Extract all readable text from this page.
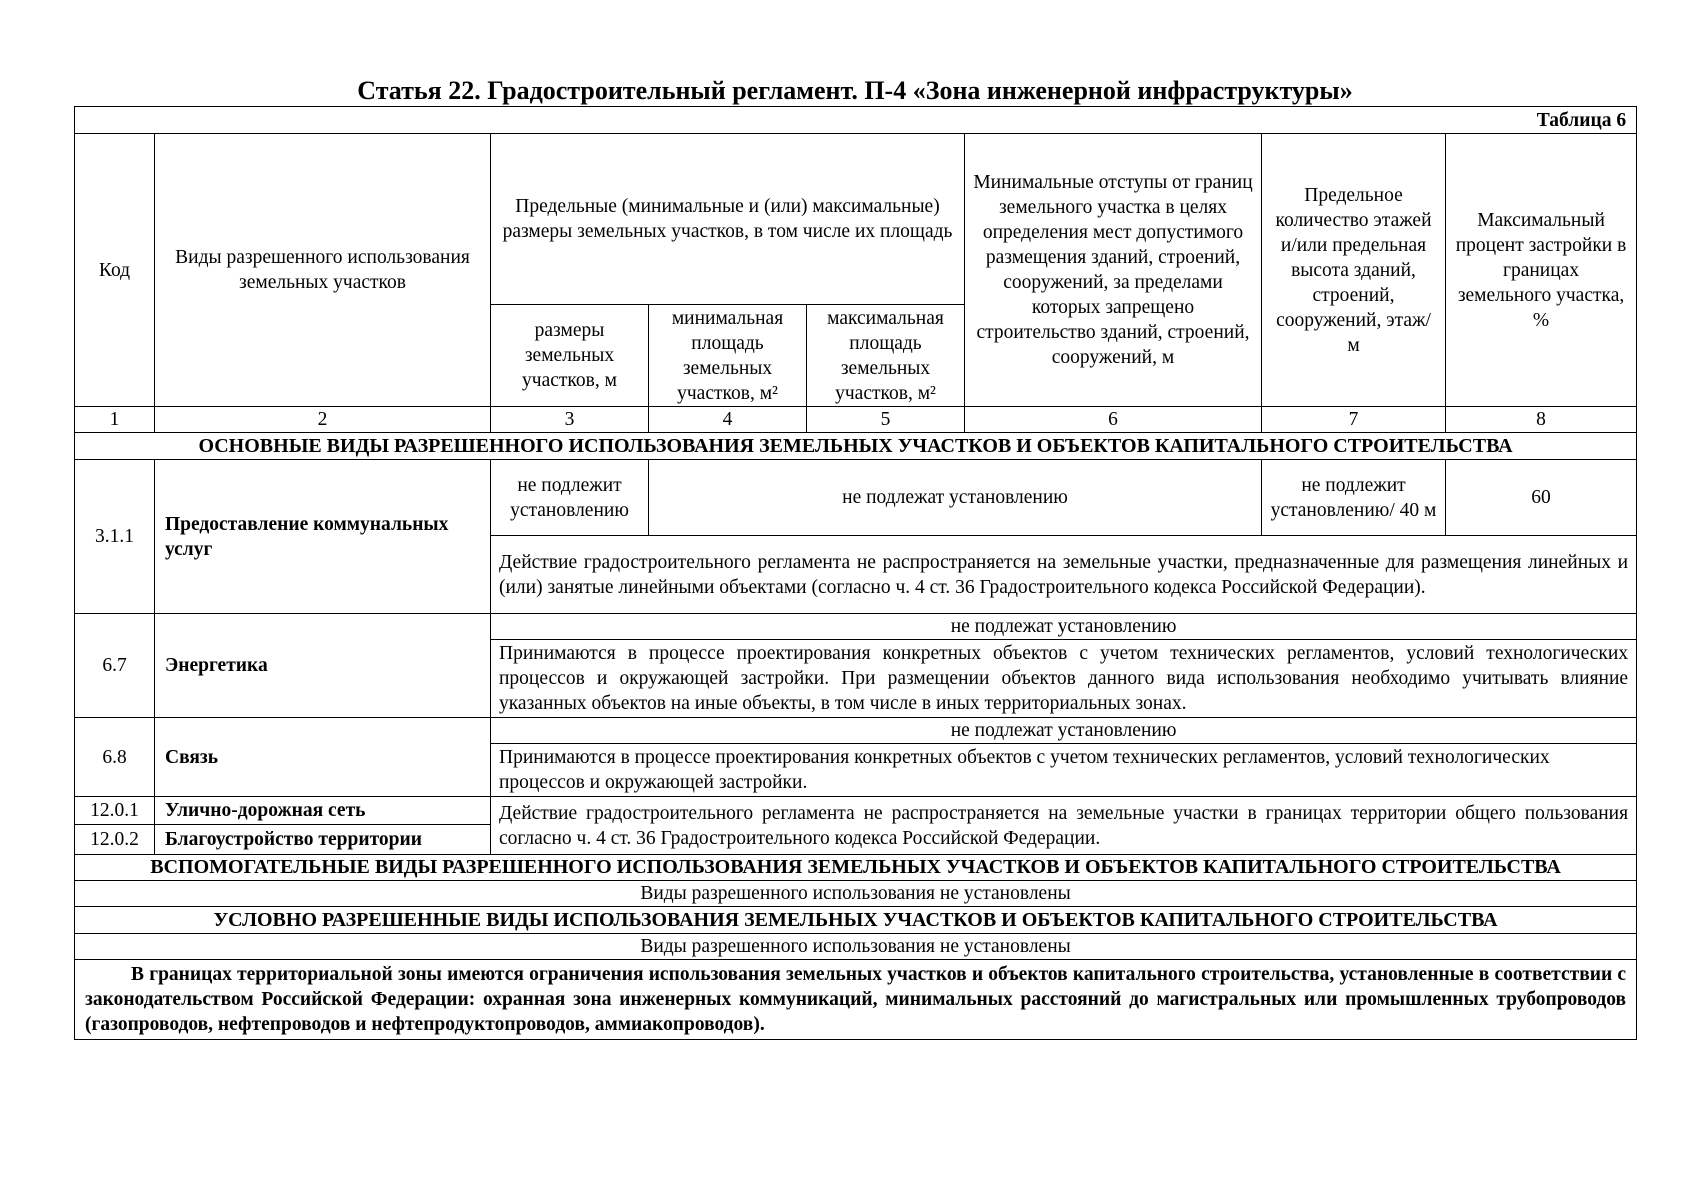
Статья 22. Градостроительный регламент. П-4 «Зона инженерной инфраструктуры»
Таблица 6							
Код	Виды разрешенного использования земельных участков	Предельные (минимальные и (или) максимальные) размеры земельных участков, в том числе их площадь			Минимальные отступы от границ земельного участка в целях определения мест допустимого размещения зданий, строений, сооружений, за пределами которых запрещено строительство зданий, строений, сооружений, м	Предельное количество этажей и/или предельная высота зданий, строений, сооружений, этаж/м	Максимальный процент застройки в границах земельного участка, %
		размеры земельных участков, м	минимальная площадь земельных участков, м²	максимальная площадь земельных участков, м²			
1	2	3	4	5	6	7	8
ОСНОВНЫЕ ВИДЫ РАЗРЕШЕННОГО ИСПОЛЬЗОВАНИЯ ЗЕМЕЛЬНЫХ УЧАСТКОВ И ОБЪЕКТОВ КАПИТАЛЬНОГО СТРОИТЕЛЬСТВА							
3.1.1	Предоставление коммунальных услуг	не подлежит установлению	не подлежат установлению			не подлежит установлению/ 40 м	60
		Действие градостроительного регламента не распространяется на земельные участки, предназначенные для размещения линейных и (или) занятые линейными объектами (согласно ч. 4 ст. 36 Градостроительного кодекса Российской Федерации).					
6.7	Энергетика	не подлежат установлению					
		Принимаются в процессе проектирования конкретных объектов с учетом технических регламентов, условий технологических процессов и окружающей застройки. При размещении объектов данного вида использования необходимо учитывать влияние указанных объектов на иные объекты, в том числе в иных территориальных зонах.					
6.8	Связь	не подлежат установлению					
		Принимаются в процессе проектирования конкретных объектов с учетом технических регламентов, условий технологических процессов и окружающей застройки.					
12.0.1	Улично-дорожная сеть	Действие градостроительного регламента не распространяется на земельные участки в границах территории общего пользования согласно ч. 4 ст. 36 Градостроительного кодекса Российской Федерации.					
12.0.2	Благоустройство территории						
ВСПОМОГАТЕЛЬНЫЕ ВИДЫ РАЗРЕШЕННОГО ИСПОЛЬЗОВАНИЯ ЗЕМЕЛЬНЫХ УЧАСТКОВ И ОБЪЕКТОВ КАПИТАЛЬНОГО СТРОИТЕЛЬСТВА							
Виды разрешенного использования не установлены							
УСЛОВНО РАЗРЕШЕННЫЕ ВИДЫ ИСПОЛЬЗОВАНИЯ ЗЕМЕЛЬНЫХ УЧАСТКОВ И ОБЪЕКТОВ КАПИТАЛЬНОГО СТРОИТЕЛЬСТВА							
Виды разрешенного использования не установлены							
В границах территориальной зоны имеются ограничения использования земельных участков и объектов капитального строительства, установленные в соответствии с законодательством Российской Федерации: охранная зона инженерных коммуникаций, минимальных расстояний до магистральных или промышленных трубопроводов (газопроводов, нефтепроводов и нефтепродуктопроводов, аммиакопроводов).							
